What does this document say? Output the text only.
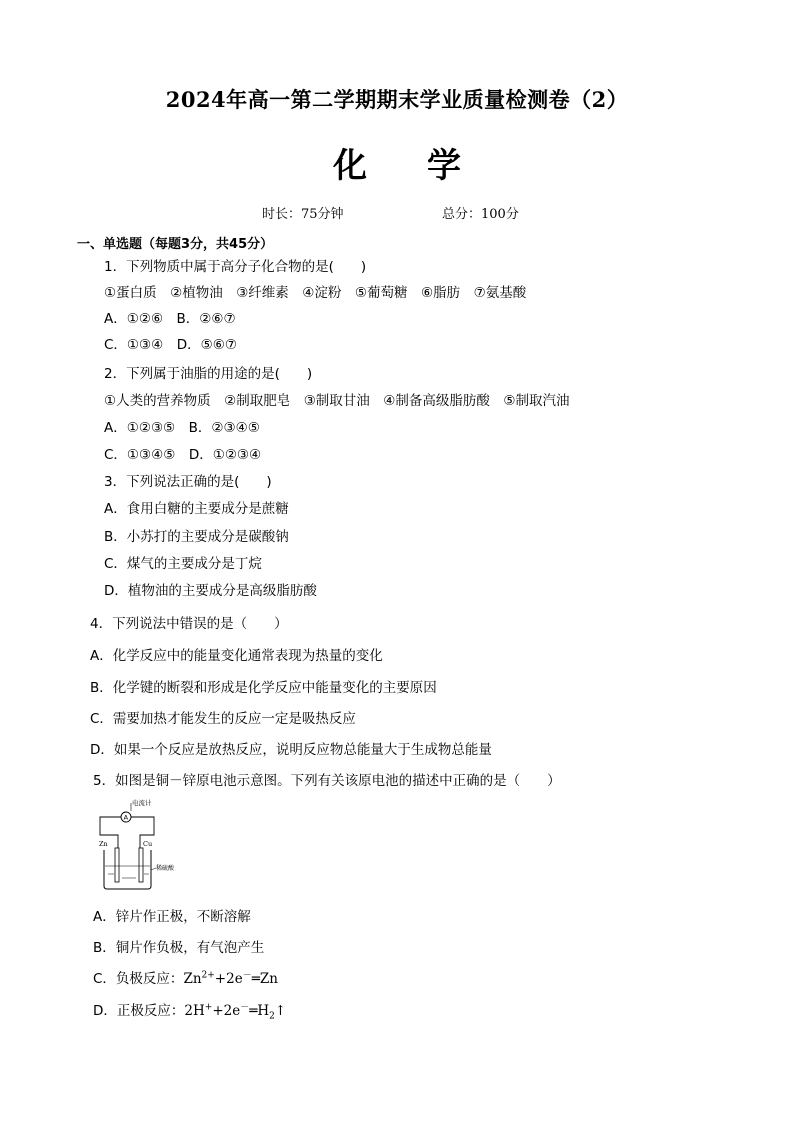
2024年高一第二学期期末学业质量检测卷（2）
化学
时长：75分钟	总分：100分
一、单选题（每题3分，共45分）
1．下列物质中属于高分子化合物的是(　　)
①蛋白质　②植物油　③纤维素　④淀粉　⑤葡萄糖　⑥脂肪　⑦氨基酸
A．①②⑥　B．②⑥⑦
C．①③④　D．⑤⑥⑦
2．下列属于油脂的用途的是(　　)
①人类的营养物质　②制取肥皂　③制取甘油　④制备高级脂肪酸　⑤制取汽油
A．①②③⑤　B．②③④⑤
C．①③④⑤　D．①②③④
3．下列说法正确的是(　　)
A．食用白糖的主要成分是蔗糖
B．小苏打的主要成分是碳酸钠
C．煤气的主要成分是丁烷
D．植物油的主要成分是高级脂肪酸
4．下列说法中错误的是（　　）
A．化学反应中的能量变化通常表现为热量的变化
B．化学键的断裂和形成是化学反应中能量变化的主要原因
C．需要加热才能发生的反应一定是吸热反应
D．如果一个反应是放热反应，说明反应物总能量大于生成物总能量
5．如图是铜－锌原电池示意图。下列有关该原电池的描述中正确的是（　　）
电流计
A
Zn	Cu
稀硫酸
A．锌片作正极，不断溶解
B．铜片作负极，有气泡产生
C．负极反应：$Zn^{2+}+2e^-═Zn$
D．正极反应：$2H^++2e^-═H_2↑$
